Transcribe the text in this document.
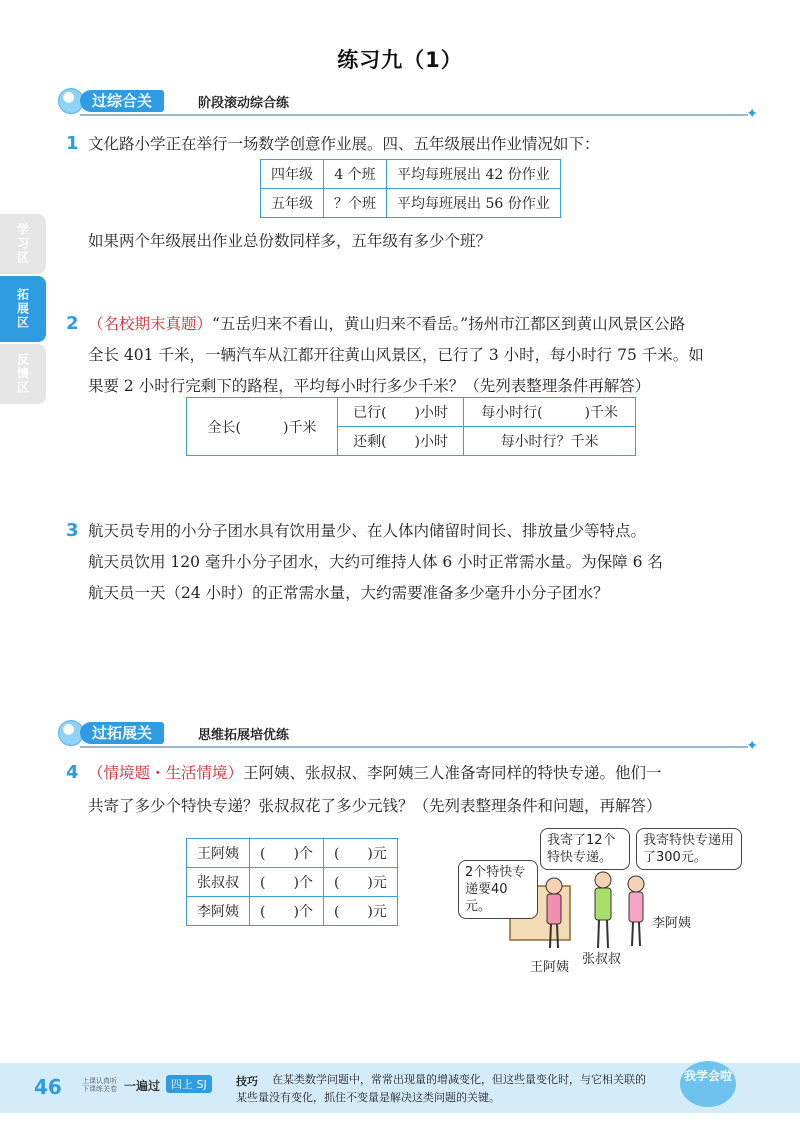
练习九（1）
过综合关	阶段滚动综合练
✦
学习区
拓展区
反馈区
1 文化路小学正在举行一场数学创意作业展。四、五年级展出作业情况如下：
四年级	4 个班	平均每班展出 42 份作业
五年级	？个班	平均每班展出 56 份作业
如果两个年级展出作业总份数同样多，五年级有多少个班？
2 （名校期末真题）“五岳归来不看山，黄山归来不看岳。”扬州市江都区到黄山风景区公路
全长 401 千米，一辆汽车从江都开往黄山风景区，已行了 3 小时，每小时行 75 千米。如
果要 2 小时行完剩下的路程，平均每小时行多少千米？（先列表整理条件再解答）
全长(　　　)千米	已行(　　)小时	每小时行(　　　)千米
	还剩(　　)小时	每小时行？千米
3 航天员专用的小分子团水具有饮用量少、在人体内储留时间长、排放量少等特点。
航天员饮用 120 毫升小分子团水，大约可维持人体 6 小时正常需水量。为保障 6 名
航天员一天（24 小时）的正常需水量，大约需要准备多少毫升小分子团水？
过拓展关	思维拓展培优练
✦
4 （情境题・生活情境）王阿姨、张叔叔、李阿姨三人准备寄同样的特快专递。他们一
共寄了多少个特快专递？张叔叔花了多少元钱？（先列表整理条件和问题，再解答）
王阿姨	(　　)个	(　　)元
张叔叔	(　　)个	(　　)元
李阿姨	(　　)个	(　　)元
我寄了12个特快专递。
我寄特快专递用了300元。
2个特快专递要40元。
王阿姨
张叔叔
李阿姨
46	上课认真听 下课练关卷 一遍过 四上 SJ	技巧	在某类数学问题中，常常出现量的增减变化，但这些量变化时，与它相关联的某些量没有变化，抓住不变量是解决这类问题的关键。
我学会啦
